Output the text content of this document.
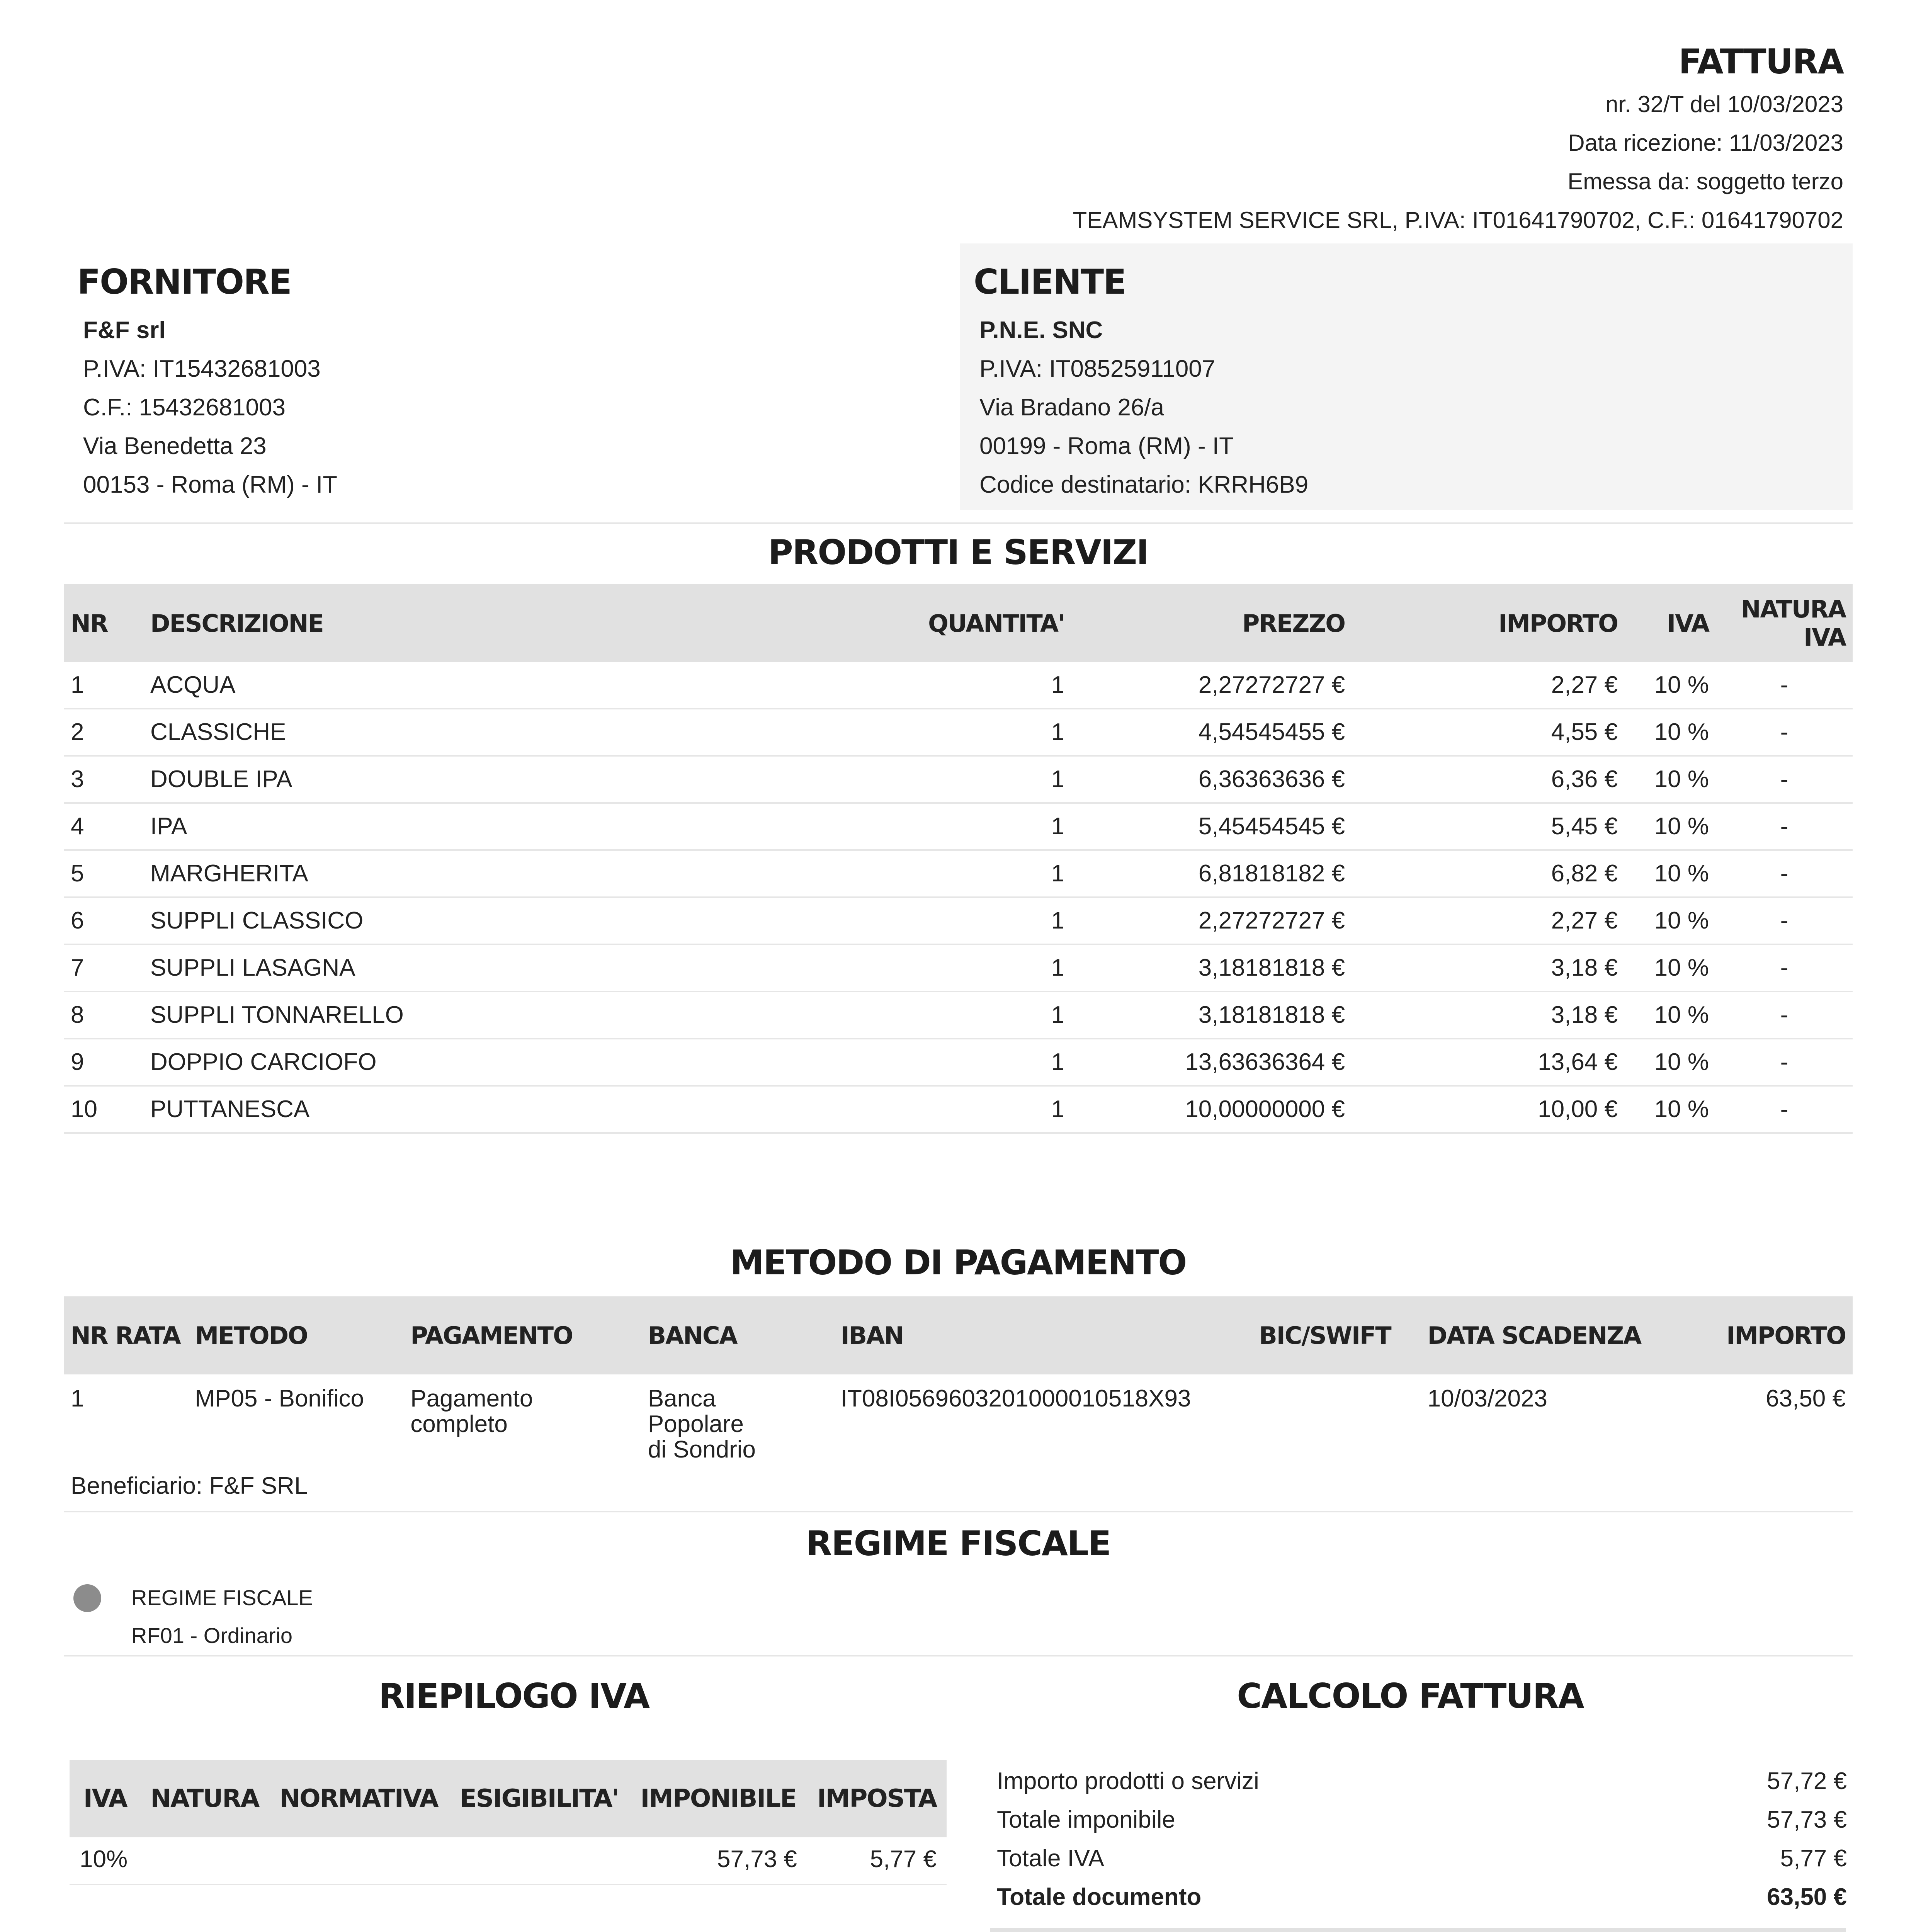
FATTURA
nr. 32/T del 10/03/2023
Data ricezione: 11/03/2023
Emessa da: soggetto terzo
TEAMSYSTEM SERVICE SRL, P.IVA: IT01641790702, C.F.: 01641790702
FORNITORE
F&F srl
P.IVA: IT15432681003
C.F.: 15432681003
Via Benedetta 23
00153 - Roma (RM) - IT
CLIENTE
P.N.E. SNC
P.IVA: IT08525911007
Via Bradano 26/a
00199 - Roma (RM) - IT
Codice destinatario: KRRH6B9
PRODOTTI E SERVIZI
NR	DESCRIZIONE	QUANTITA'	PREZZO	IMPORTO	IVA	NATURA IVA
1	ACQUA	1	2,27272727 €	2,27 €	10 %	-
2	CLASSICHE	1	4,54545455 €	4,55 €	10 %	-
3	DOUBLE IPA	1	6,36363636 €	6,36 €	10 %	-
4	IPA	1	5,45454545 €	5,45 €	10 %	-
5	MARGHERITA	1	6,81818182 €	6,82 €	10 %	-
6	SUPPLI CLASSICO	1	2,27272727 €	2,27 €	10 %	-
7	SUPPLI LASAGNA	1	3,18181818 €	3,18 €	10 %	-
8	SUPPLI TONNARELLO	1	3,18181818 €	3,18 €	10 %	-
9	DOPPIO CARCIOFO	1	13,63636364 €	13,64 €	10 %	-
10	PUTTANESCA	1	10,00000000 €	10,00 €	10 %	-
METODO DI PAGAMENTO
NR RATA	METODO	PAGAMENTO	BANCA	IBAN	BIC/SWIFT	DATA SCADENZA	IMPORTO
1	MP05 - Bonifico	Pagamento completo	Banca Popolare di Sondrio	IT08I0569603201000010518X93		10/03/2023	63,50 €
Beneficiario: F&F SRL
REGIME FISCALE
REGIME FISCALE
RF01 - Ordinario
RIEPILOGO IVA
IVA	NATURA	NORMATIVA	ESIGIBILITA'	IMPONIBILE	IMPOSTA
10%				57,73 €	5,77 €
CALCOLO FATTURA
Importo prodotti o servizi	57,72 €
Totale imponibile	57,73 €
Totale IVA	5,77 €
Totale documento	63,50 €
